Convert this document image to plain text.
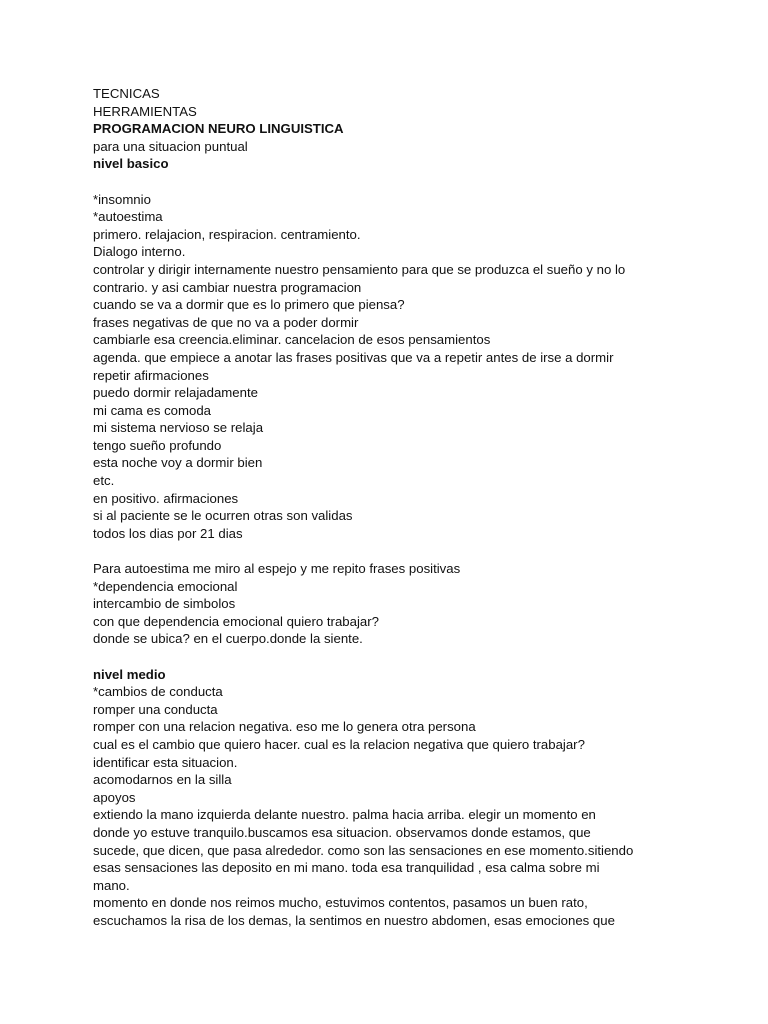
TECNICAS
HERRAMIENTAS
PROGRAMACION NEURO LINGUISTICA
para una situacion puntual
nivel basico
*insomnio
*autoestima
primero. relajacion, respiracion. centramiento.
Dialogo interno.
controlar y dirigir internamente nuestro pensamiento para que se produzca el sueño y no lo
contrario. y asi cambiar nuestra programacion
cuando se va a dormir que es lo primero que piensa?
frases negativas de que no va a poder dormir
cambiarle esa creencia.eliminar. cancelacion de esos pensamientos
agenda. que empiece a anotar las frases positivas que va a repetir antes de irse a dormir
repetir afirmaciones
puedo dormir relajadamente
mi cama es comoda
mi sistema nervioso se relaja
tengo sueño profundo
esta noche voy a dormir bien
etc.
en positivo. afirmaciones
si al paciente se le ocurren otras son validas
todos los dias por 21 dias
Para autoestima me miro al espejo y me repito frases positivas
*dependencia emocional
intercambio de simbolos
con que dependencia emocional quiero trabajar?
donde se ubica? en el cuerpo.donde la siente.
nivel medio
*cambios de conducta
romper una conducta
romper con una relacion negativa. eso me lo genera otra persona
cual es el cambio que quiero hacer. cual es la relacion negativa que quiero trabajar?
identificar esta situacion.
acomodarnos en la silla
apoyos
extiendo la mano izquierda delante nuestro. palma hacia arriba. elegir un momento en
donde yo estuve tranquilo.buscamos esa situacion. observamos donde estamos, que
sucede, que dicen, que pasa alrededor. como son las sensaciones en ese momento.sitiendo
esas sensaciones las deposito en mi mano. toda esa tranquilidad , esa calma sobre mi
mano.
momento en donde nos reimos mucho, estuvimos contentos, pasamos un buen rato,
escuchamos la risa de los demas, la sentimos en nuestro abdomen, esas emociones que
